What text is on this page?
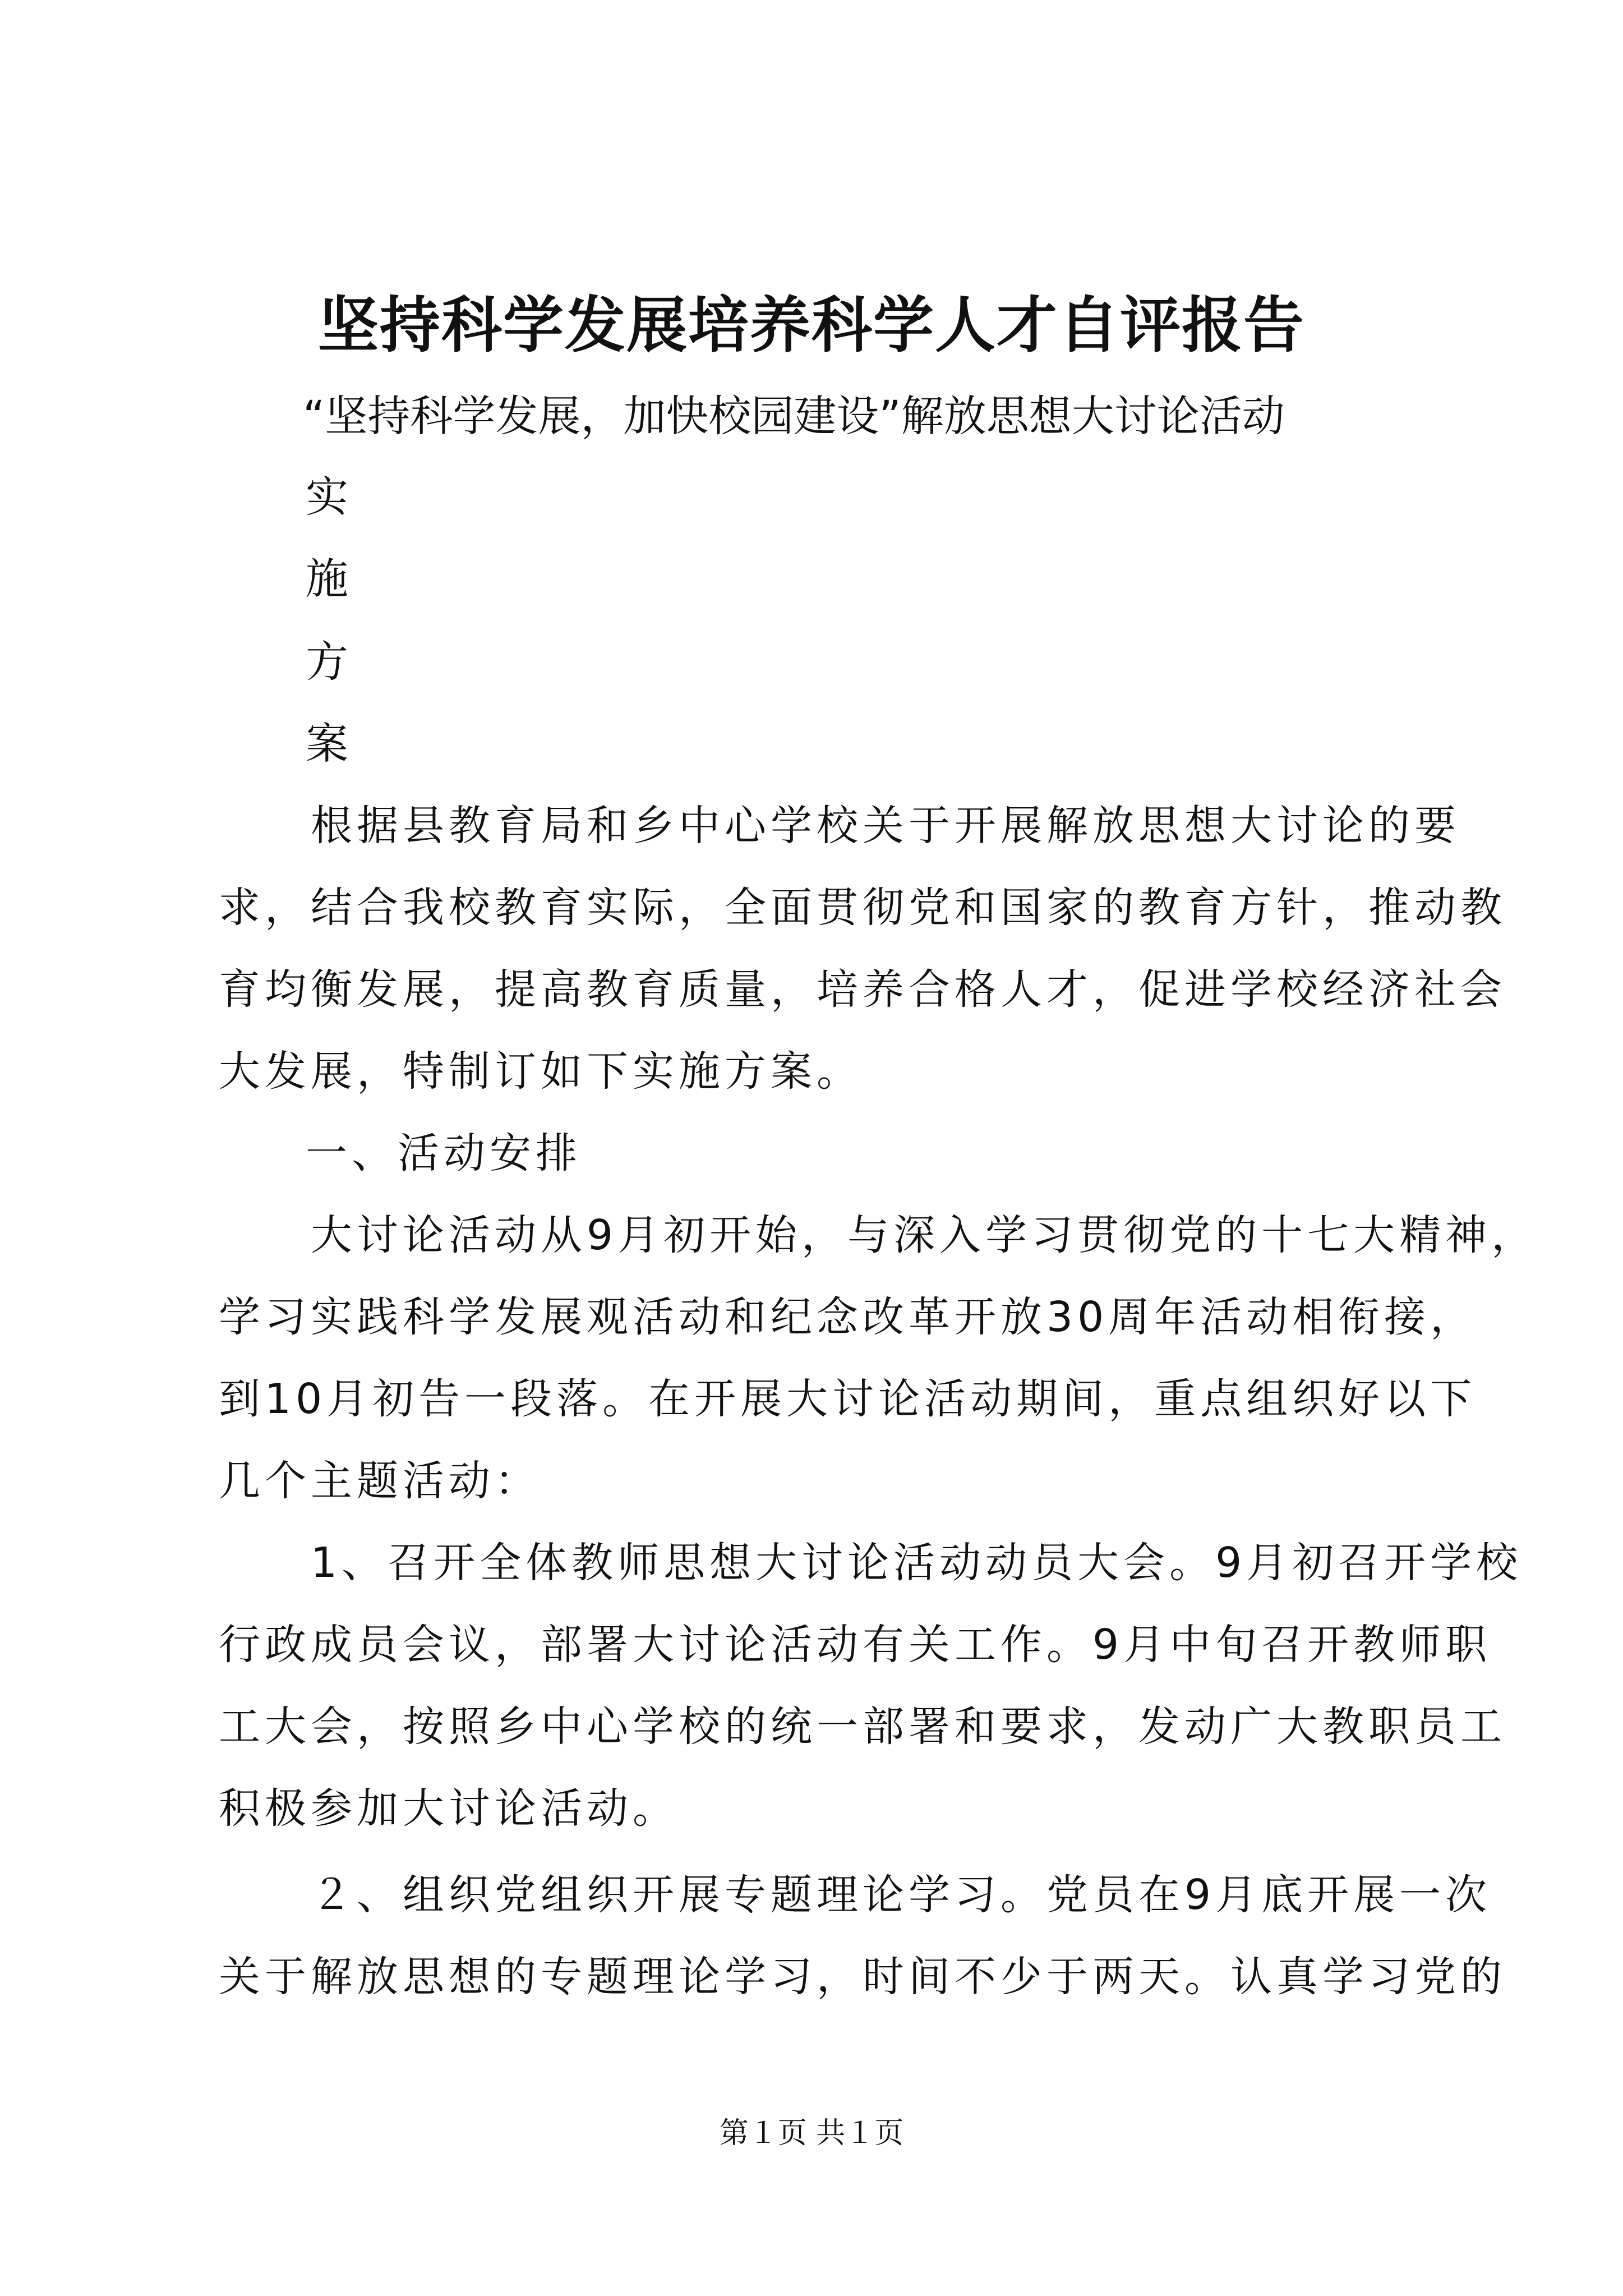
坚持科学发展培养科学人才自评报告
“坚持科学发展，加快校园建设”解放思想大讨论活动
实
施
方
案
　　根据县教育局和乡中心学校关于开展解放思想大讨论的要
求，结合我校教育实际，全面贯彻党和国家的教育方针，推动教
育均衡发展，提高教育质量，培养合格人才，促进学校经济社会
大发展，特制订如下实施方案。
一、活动安排
　　大讨论活动从9月初开始，与深入学习贯彻党的十七大精神，
学习实践科学发展观活动和纪念改革开放30周年活动相衔接，
到10月初告一段落。在开展大讨论活动期间，重点组织好以下
几个主题活动：
　　1、召开全体教师思想大讨论活动动员大会。9月初召开学校
行政成员会议，部署大讨论活动有关工作。9月中旬召开教师职
工大会，按照乡中心学校的统一部署和要求，发动广大教职员工
积极参加大讨论活动。
　　２、组织党组织开展专题理论学习。党员在9月底开展一次
关于解放思想的专题理论学习，时间不少于两天。认真学习党的
第１页 共１页
